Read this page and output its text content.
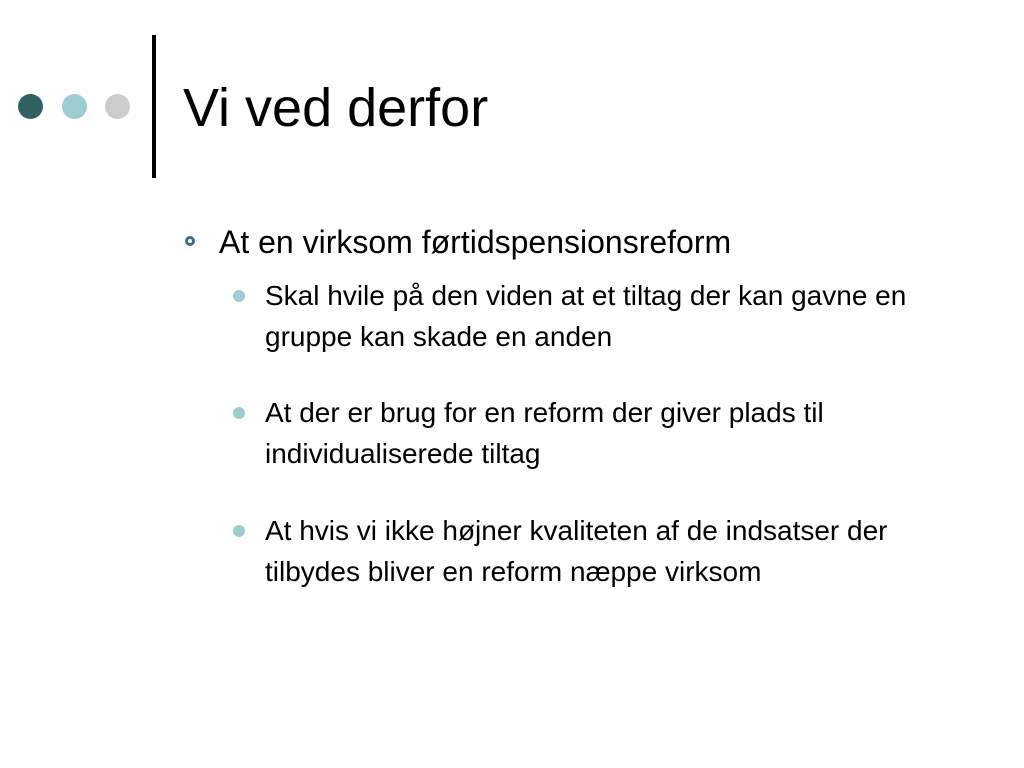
Vi ved derfor
At en virksom førtidspensionsreform
Skal hvile på den viden at et tiltag der kan gavne en gruppe kan skade en anden
At der er brug for en reform der giver plads til individualiserede tiltag
At hvis vi ikke højner kvaliteten af de indsatser der tilbydes bliver en reform næppe virksom
